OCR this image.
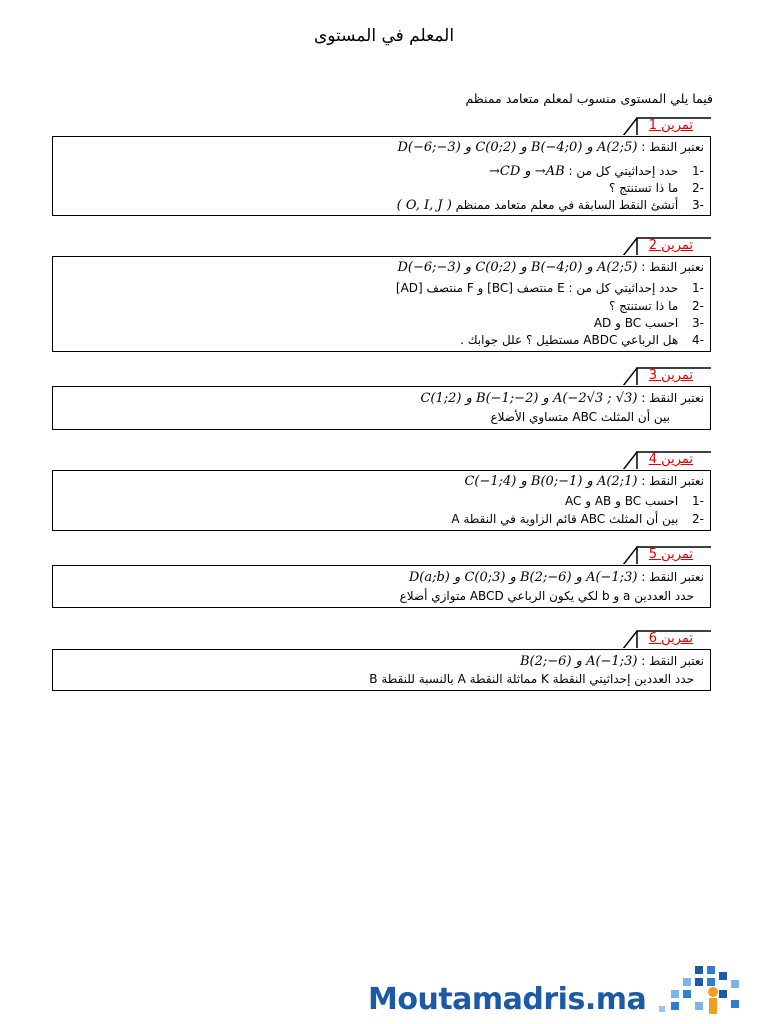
المعلم في المستوى
فيما يلي المستوى منسوب لمعلم متعامد ممنظم
تمرين 1
نعتبر النقط : A(2;5) و B(−4;0) و C(0;2) و D(−6;−3)
-1 حدد إحداثيتي كل من : AB→ و CD→
-2 ما ذا تستنتج ؟
-3 أنشئ النقط السابقة في معلم متعامد ممنظم ( O, I, J )
تمرين 2
نعتبر النقط : A(2;5) و B(−4;0) و C(0;2) و D(−6;−3)
-1 حدد إحداثيتي كل من : E منتصف [BC] و F منتصف [AD]
-2 ما ذا تستنتج ؟
-3 احسب BC و AD
-4 هل الرباعي ABDC مستطيل ؟ علل جوابك .
تمرين 3
نعتبر النقط : A(−2√3 ; √3) و B(−1;−2) و C(1;2)
بين أن المثلث ABC متساوي الأضلاع
تمرين 4
نعتبر النقط : A(2;1) و B(0;−1) و C(−1;4)
-1 احسب BC و AB و AC
-2 بين أن المثلث ABC قائم الزاوية في النقطة A
تمرين 5
نعتبر النقط : A(−1;3) و B(2;−6) و C(0;3) و D(a;b)
حدد العددين a و b لكي يكون الرباعي ABCD متوازي أضلاع
تمرين 6
نعتبر النقط : A(−1;3) و B(2;−6)
حدد العددين إحداثيتي النقطة K مماثلة النقطة A بالنسبة للنقطة B
Moutamadris.ma
